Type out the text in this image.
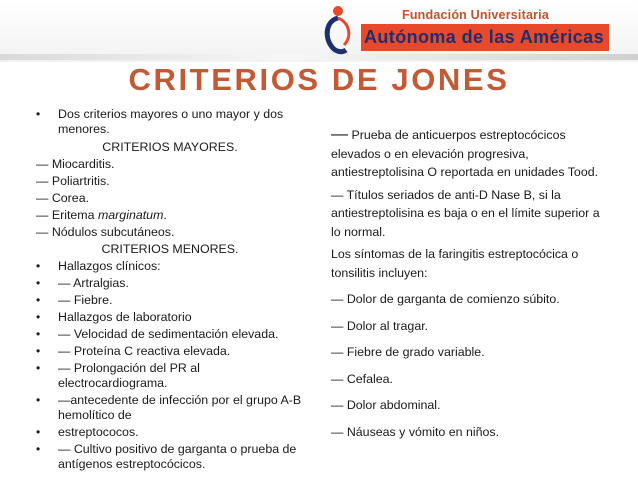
Fundación Universitaria
Autónoma de las Américas
CRITERIOS DE JONES
•	Dos criterios mayores o uno mayor y dos menores.
CRITERIOS MAYORES.
— Miocarditis.
— Poliartritis.
— Corea.
— Eritema marginatum.
— Nódulos subcutáneos.
CRITERIOS MENORES.
•	Hallazgos clínicos:
•	— Artralgias.
•	— Fiebre.
•	Hallazgos de laboratorio
•	— Velocidad de sedimentación elevada.
•	— Proteína C reactiva elevada.
•	— Prolongación del PR al electrocardiograma.
•	—antecedente de infección por el grupo A-B hemolítico de
•	estreptococos.
•	— Cultivo positivo de garganta o prueba de antígenos estreptocócicos.
— Prueba de anticuerpos estreptocócicos elevados o en elevación progresiva, antiestreptolisina O reportada en unidades Tood.
— Títulos seriados de anti-D Nase B, si la antiestreptolisina es baja o en el límite superior a lo normal.
Los síntomas de la faringitis estreptocócica o tonsilitis incluyen:
— Dolor de garganta de comienzo súbito.
— Dolor al tragar.
— Fiebre de grado variable.
— Cefalea.
— Dolor abdominal.
— Náuseas y vómito en niños.
